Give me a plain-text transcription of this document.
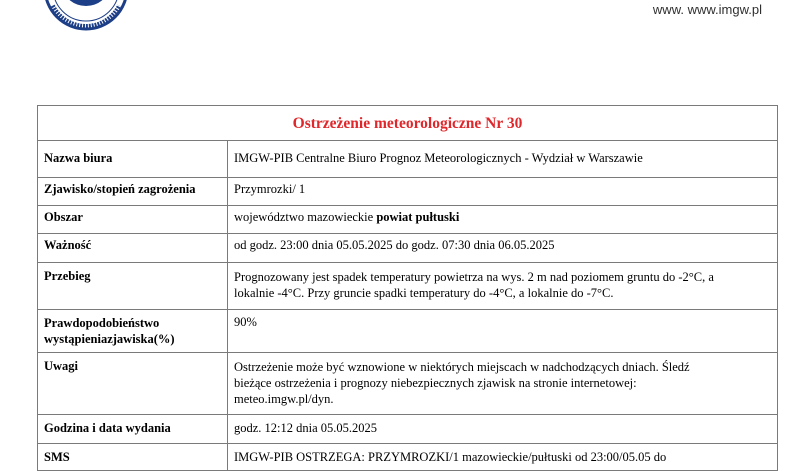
www. www.imgw.pl
Ostrzeżenie meteorologiczne Nr 30	
Nazwa biura	IMGW-PIB Centralne Biuro Prognoz Meteorologicznych - Wydział w Warszawie
Zjawisko/stopień zagrożenia	Przymrozki/ 1
Obszar	województwo mazowieckie powiat pułtuski
Ważność	od godz. 23:00 dnia 05.05.2025 do godz. 07:30 dnia 06.05.2025
Przebieg	Prognozowany jest spadek temperatury powietrza na wys. 2 m nad poziomem gruntu do -2°C, a
lokalnie -4°C. Przy gruncie spadki temperatury do -4°C, a lokalnie do -7°C.

Prawdopodobieństwo
wystąpieniazjawiska(%)	90%
Uwagi	Ostrzeżenie może być wznowione w niektórych miejscach w nadchodzących dniach. Śledź
bieżące ostrzeżenia i prognozy niebezpiecznych zjawisk na stronie internetowej:
meteo.imgw.pl/dyn.

Godzina i data wydania	godz. 12:12 dnia 05.05.2025
SMS	IMGW-PIB OSTRZEGA: PRZYMROZKI/1 mazowieckie/pułtuski od 23:00/05.05 do
